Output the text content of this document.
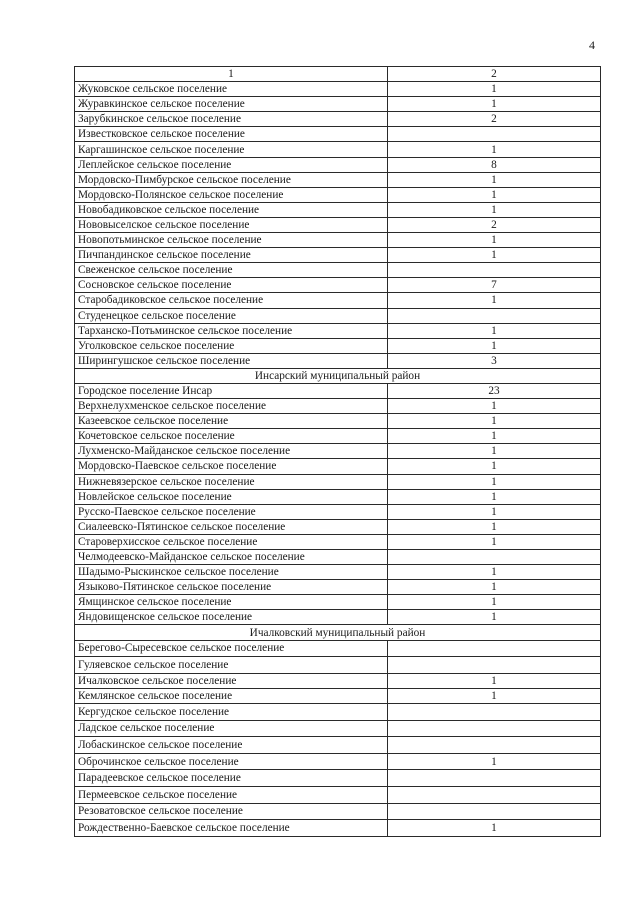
4
1	2
Жуковское сельское поселение	1
Журавкинское сельское поселение	1
Зарубкинское сельское поселение	2
Известковское сельское поселение	
Каргашинское сельское поселение	1
Леплейское сельское поселение	8
Мордовско-Пимбурское сельское поселение	1
Мордовско-Полянское сельское поселение	1
Новобадиковское сельское поселение	1
Нововыселское сельское поселение	2
Новопотьминское сельское поселение	1
Пичпандинское сельское поселение	1
Свеженское сельское поселение	
Сосновское сельское поселение	7
Старобадиковское сельское поселение	1
Студенецкое сельское поселение	
Тарханско-Потьминское сельское поселение	1
Уголковское сельское поселение	1
Ширингушское сельское поселение	3
Инсарский муниципальный район	
Городское поселение Инсар	23
Верхнелухменское сельское поселение	1
Казеевское сельское поселение	1
Кочетовское сельское поселение	1
Лухменско-Майданское сельское поселение	1
Мордовско-Паевское сельское поселение	1
Нижневязерское сельское поселение	1
Новлейское сельское поселение	1
Русско-Паевское сельское поселение	1
Сиалеевско-Пятинское сельское поселение	1
Староверхисское сельское поселение	1
Челмодеевско-Майданское сельское поселение	
Шадымо-Рыскинское сельское поселение	1
Языково-Пятинское сельское поселение	1
Ямщинское сельское поселение	1
Яндовищенское сельское поселение	1
Ичалковский муниципальный район	
Берегово-Сыресевское сельское поселение	
Гуляевское сельское поселение	
Ичалковское сельское поселение	1
Кемлянское сельское поселение	1
Кергудское сельское поселение	
Ладское сельское поселение	
Лобаскинское сельское поселение	
Оброчинское сельское поселение	1
Парадеевское сельское поселение	
Пермеевское сельское поселение	
Резоватовское сельское поселение	
Рождественно-Баевское сельское поселение	1
